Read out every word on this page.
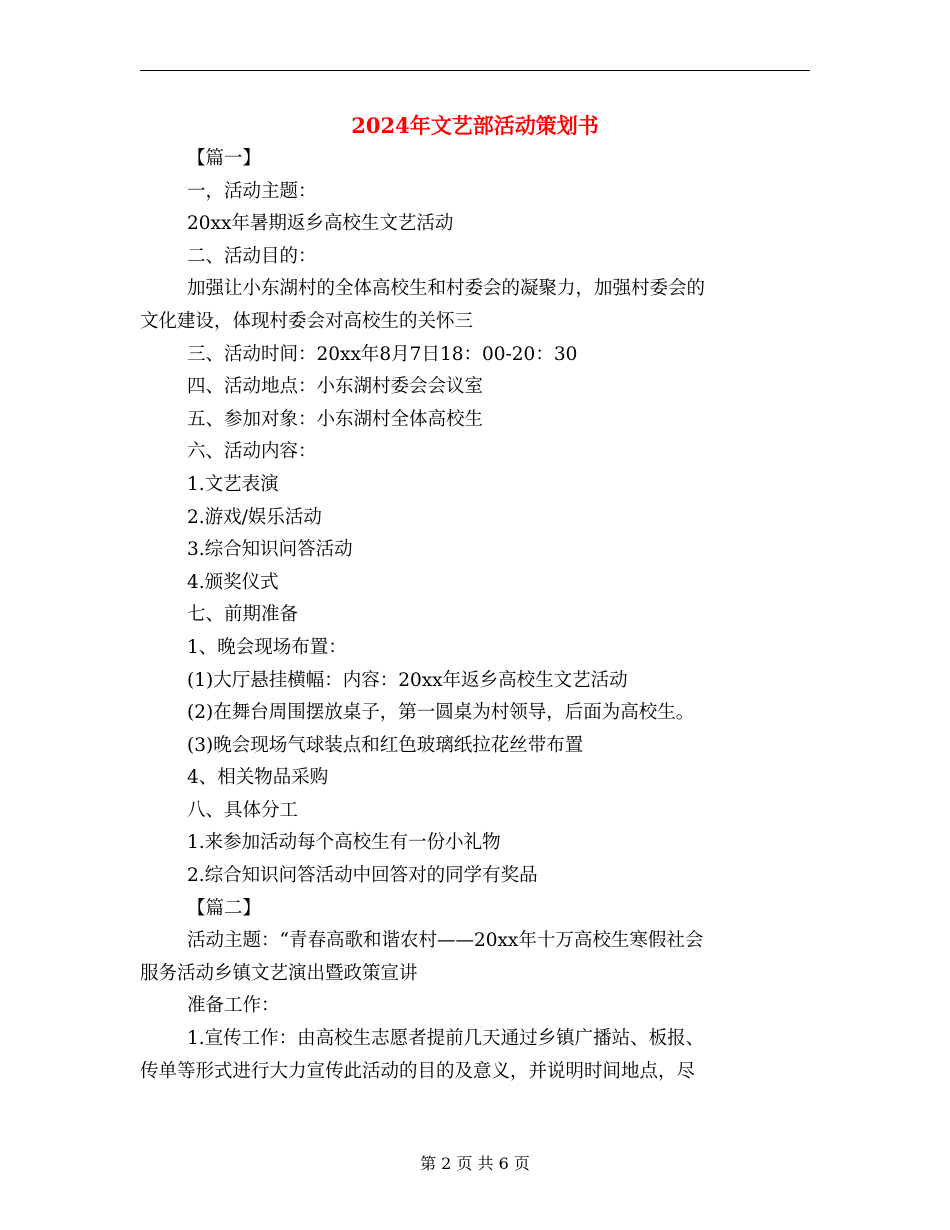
2024年文艺部活动策划书
【篇一】
一，活动主题：
20xx年暑期返乡高校生文艺活动
二、活动目的：
加强让小东湖村的全体高校生和村委会的凝聚力，加强村委会的
文化建设，体现村委会对高校生的关怀三
三、活动时间：20xx年8月7日18：00-20：30
四、活动地点：小东湖村委会会议室
五、参加对象：小东湖村全体高校生
六、活动内容：
1.文艺表演
2.游戏/娱乐活动
3.综合知识问答活动
4.颁奖仪式
七、前期准备
1、晚会现场布置：
(1)大厅悬挂横幅：内容：20xx年返乡高校生文艺活动
(2)在舞台周围摆放桌子，第一圆桌为村领导，后面为高校生。
(3)晚会现场气球装点和红色玻璃纸拉花丝带布置
4、相关物品采购
八、具体分工
1.来参加活动每个高校生有一份小礼物
2.综合知识问答活动中回答对的同学有奖品
【篇二】
活动主题：“青春高歌和谐农村——20xx年十万高校生寒假社会
服务活动乡镇文艺演出暨政策宣讲
准备工作：
1.宣传工作：由高校生志愿者提前几天通过乡镇广播站、板报、
传单等形式进行大力宣传此活动的目的及意义，并说明时间地点，尽

第 2 页 共 6 页
